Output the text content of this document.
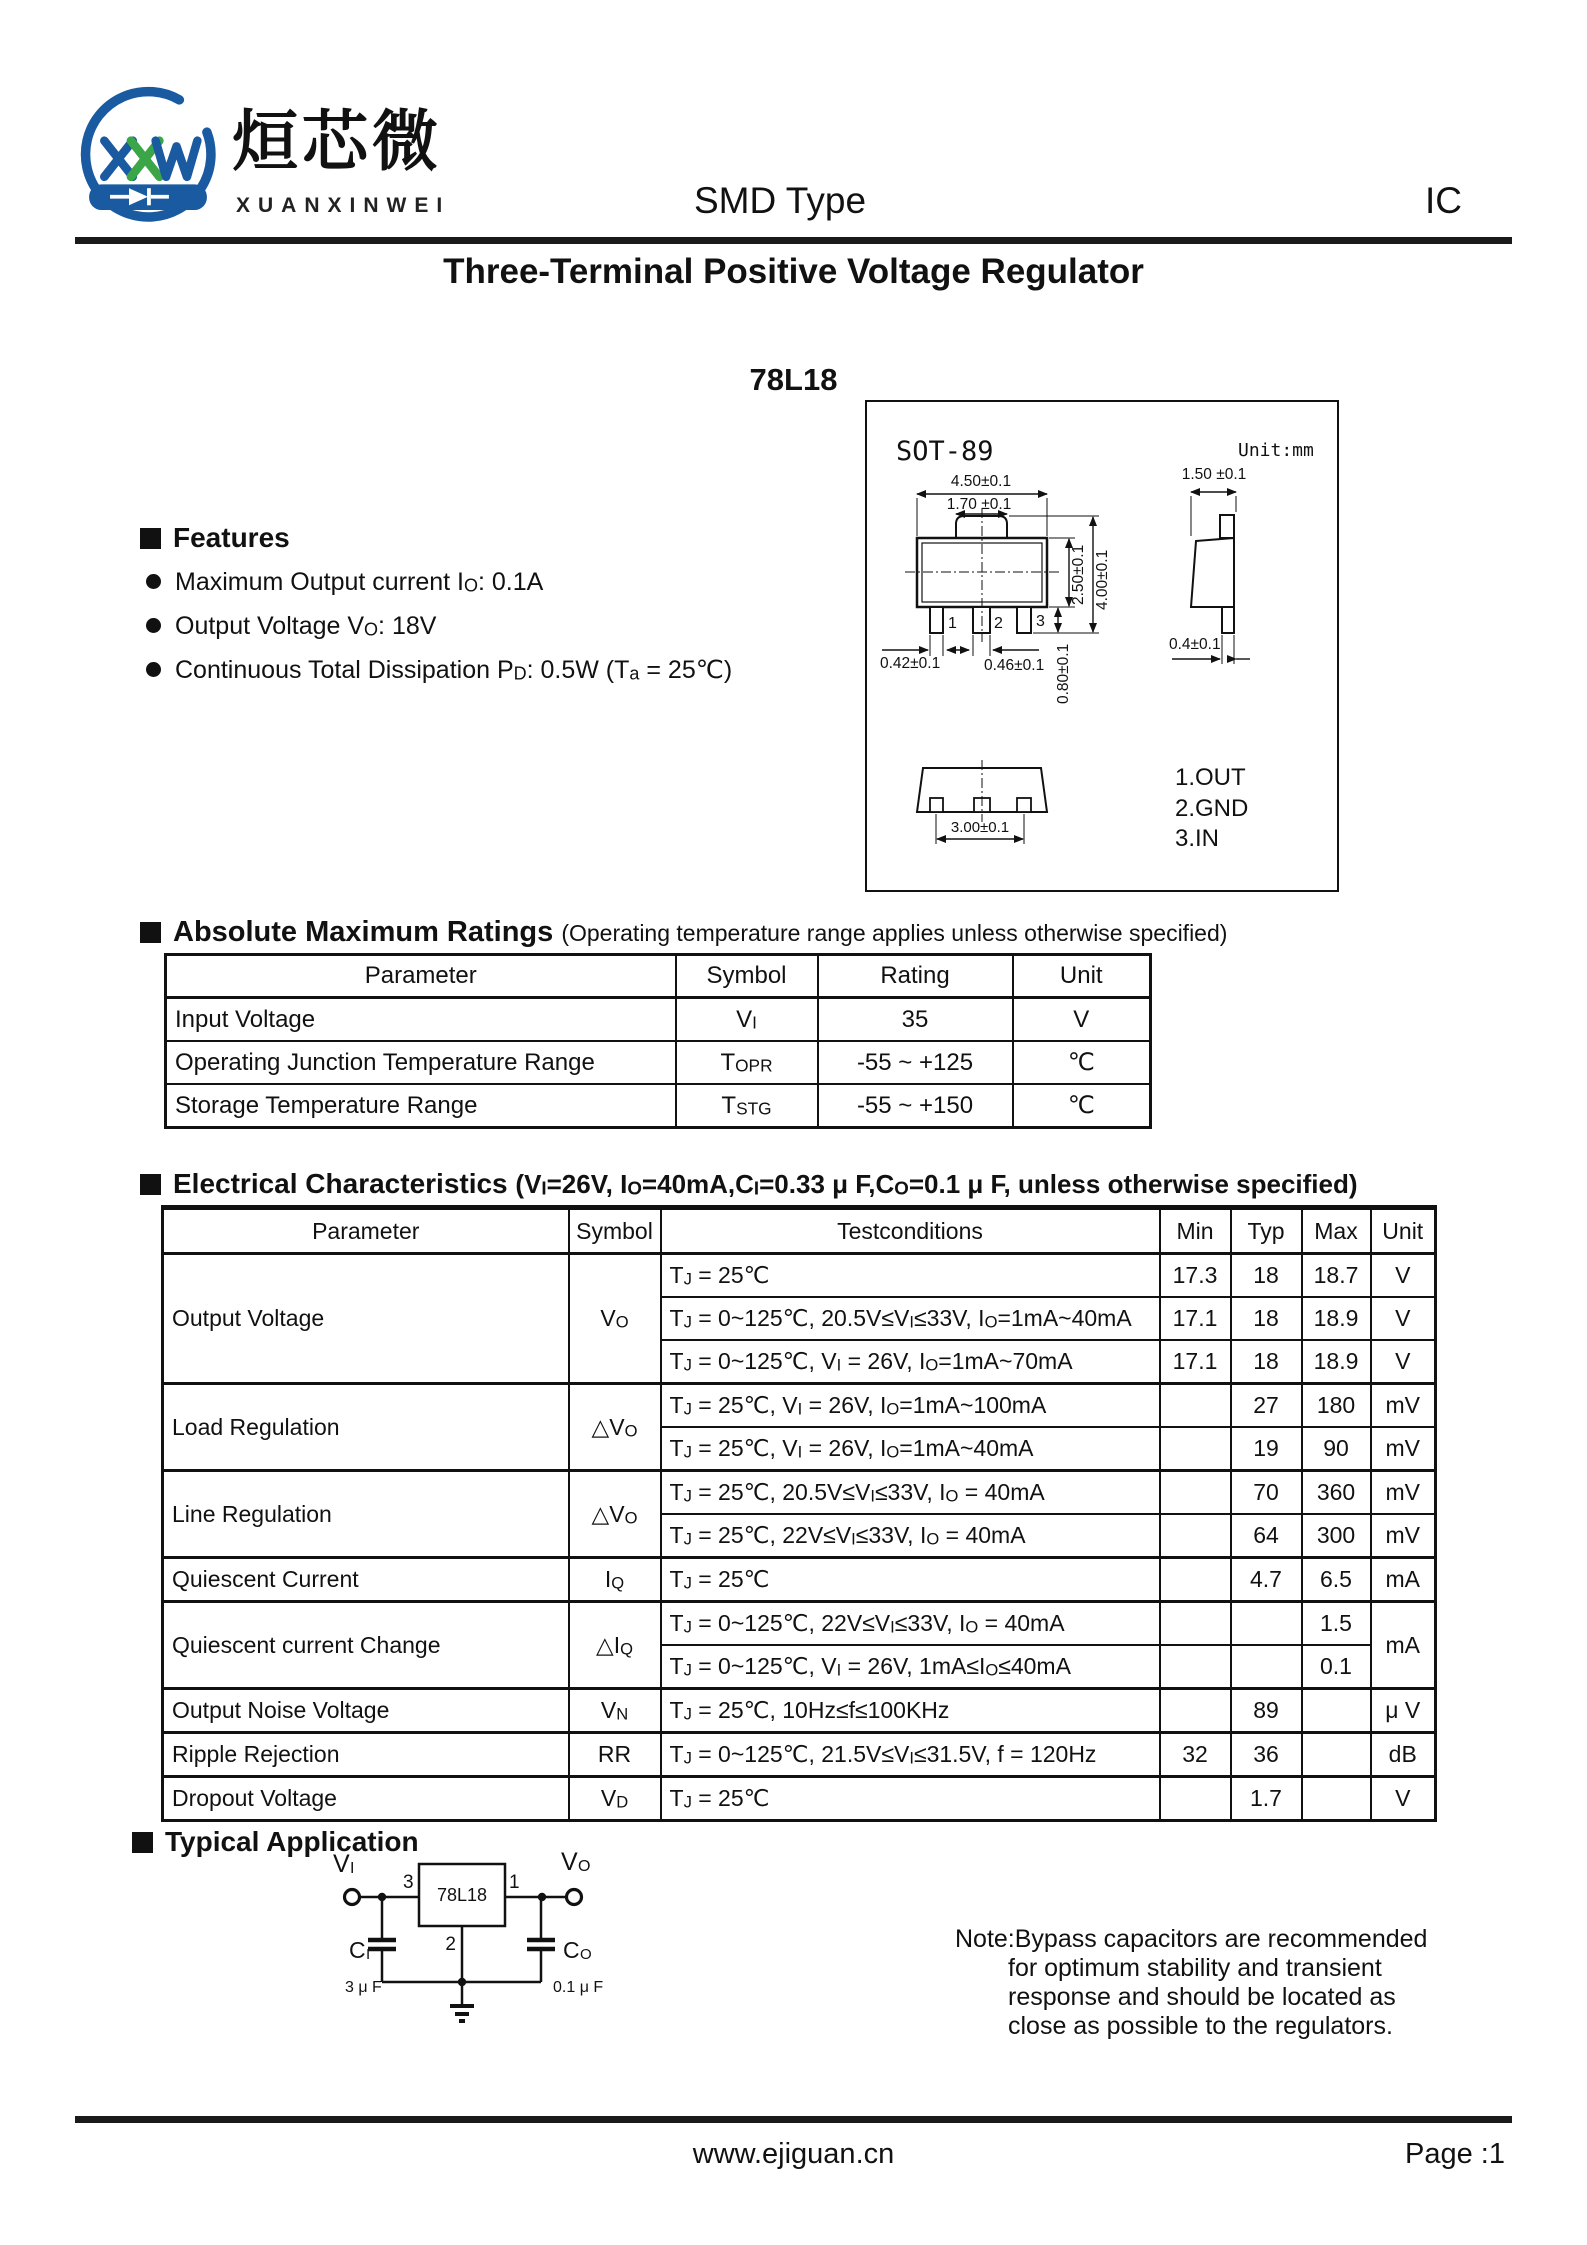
烜芯微
XUANXINWEI	SMD Type	IC
Three-Terminal Positive Voltage Regulator
78L18
SOT-89	Unit:mm
1 2 3
4.50±0.1
1.70 ±0.1
2.50±0.1 4.00±0.1
0.42±0.1	0.46±0.1 0.80±0.1
1.50 ±0.1
0.4±0.1
3.00±0.1
1.OUT
2.GND
3.IN
Features
Maximum Output current $I_O$: 0.1A
Output Voltage $V_O$: 18V
Continuous Total Dissipation $P_D$: 0.5W ($T_a$ = 25℃)
Absolute Maximum Ratings (Operating temperature range applies unless otherwise specified)
Parameter	Symbol	Rating	Unit
Input Voltage	$V_I$	35	V
Operating Junction Temperature Range	$T_{OPR}$	-55 ~ +125	℃
Storage Temperature Range	$T_{STG}$	-55 ~ +150	℃
Electrical Characteristics ($V_I=26V$, $I_O=40mA,C_I=0.33$ μ $F,C_O=0.1$ μ F, unless otherwise specified)
Parameter	Symbol	Testconditions	Min	Typ	Max	Unit
Output Voltage	$V_O$	$T_J$ = 25℃	17.3	18	18.7	V
		$T_J$ = 0~125℃, $20.5V\le V_I\le 33V$, $I_O=1mA\sim 40mA$	17.1	18	18.9	V
		$T_J$ = 0~125℃, $V_I = 26V$, $I_O=1mA\sim 70mA$	17.1	18	18.9	V
Load Regulation	$\triangle V_O$	$T_J$ = 25℃, $V_I = 26V$, $I_O=1mA\sim 100mA$		27	180	mV
		$T_J$ = 25℃, $V_I = 26V$, $I_O=1mA\sim 40mA$		19	90	mV
Line Regulation	$\triangle V_O$	$T_J$ = 25℃, $20.5V\le V_I\le 33V$, $I_O = 40mA$		70	360	mV
		$T_J$ = 25℃, $22V\le V_I\le 33V$, $I_O = 40mA$		64	300	mV
Quiescent Current	$I_Q$	$T_J$ = 25℃		4.7	6.5	mA
Quiescent current Change	$\triangle I_Q$	$T_J$ = 0~125℃, $22V\le V_I\le 33V$, $I_O = 40mA$			1.5	mA
		$T_J$ = 0~125℃, $V_I = 26V$, $1mA\le I_O\le 40mA$			0.1	
Output Noise Voltage	$V_N$	$T_J$ = 25℃, 10Hz≤f≤100KHz		89		μ V
Ripple Rejection	RR	$T_J$ = 0~125℃, $21.5V\le V_I\le 31.5V$, f = 120Hz	32	36		dB
Dropout Voltage	$V_D$	$T_J$ = 25℃		1.7		V
Typical Application
V I
3
78L18
1
V O
C I
3 μ F
C O
0.1 μ F
2	Note:Bypass capacitors are recommended
for optimum stability and transient
response and should be located as
close as possible to the regulators.
www.ejiguan.cn	Page :1
